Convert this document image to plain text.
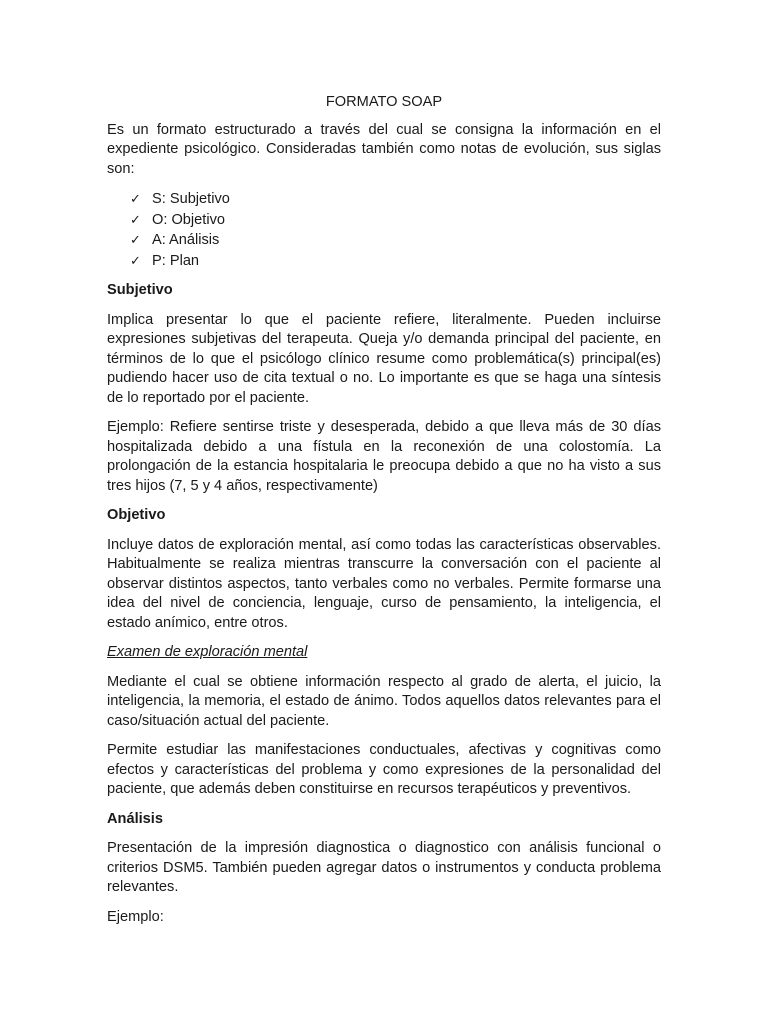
FORMATO SOAP

Es un formato estructurado a través del cual se consigna la información en el expediente psicológico. Consideradas también como notas de evolución, sus siglas son:

✓ S: Subjetivo
✓ O: Objetivo
✓ A: Análisis
✓ P: Plan
Subjetivo

Implica presentar lo que el paciente refiere, literalmente. Pueden incluirse expresiones subjetivas del terapeuta. Queja y/o demanda principal del paciente, en términos de lo que el psicólogo clínico resume como problemática(s) principal(es) pudiendo hacer uso de cita textual o no. Lo importante es que se haga una síntesis de lo reportado por el paciente.

Ejemplo: Refiere sentirse triste y desesperada, debido a que lleva más de 30 días hospitalizada debido a una fístula en la reconexión de una colostomía. La prolongación de la estancia hospitalaria le preocupa debido a que no ha visto a sus tres hijos (7, 5 y 4 años, respectivamente)

Objetivo

Incluye datos de exploración mental, así como todas las características observables. Habitualmente se realiza mientras transcurre la conversación con el paciente al observar distintos aspectos, tanto verbales como no verbales. Permite formarse una idea del nivel de conciencia, lenguaje, curso de pensamiento, la inteligencia, el estado anímico, entre otros.

Examen de exploración mental

Mediante el cual se obtiene información respecto al grado de alerta, el juicio, la inteligencia, la memoria, el estado de ánimo. Todos aquellos datos relevantes para el caso/situación actual del paciente.

Permite estudiar las manifestaciones conductuales, afectivas y cognitivas como efectos y características del problema y como expresiones de la personalidad del paciente, que además deben constituirse en recursos terapéuticos y preventivos.

Análisis

Presentación de la impresión diagnostica o diagnostico con análisis funcional o criterios DSM5. También pueden agregar datos o instrumentos y conducta problema relevantes.

Ejemplo:
